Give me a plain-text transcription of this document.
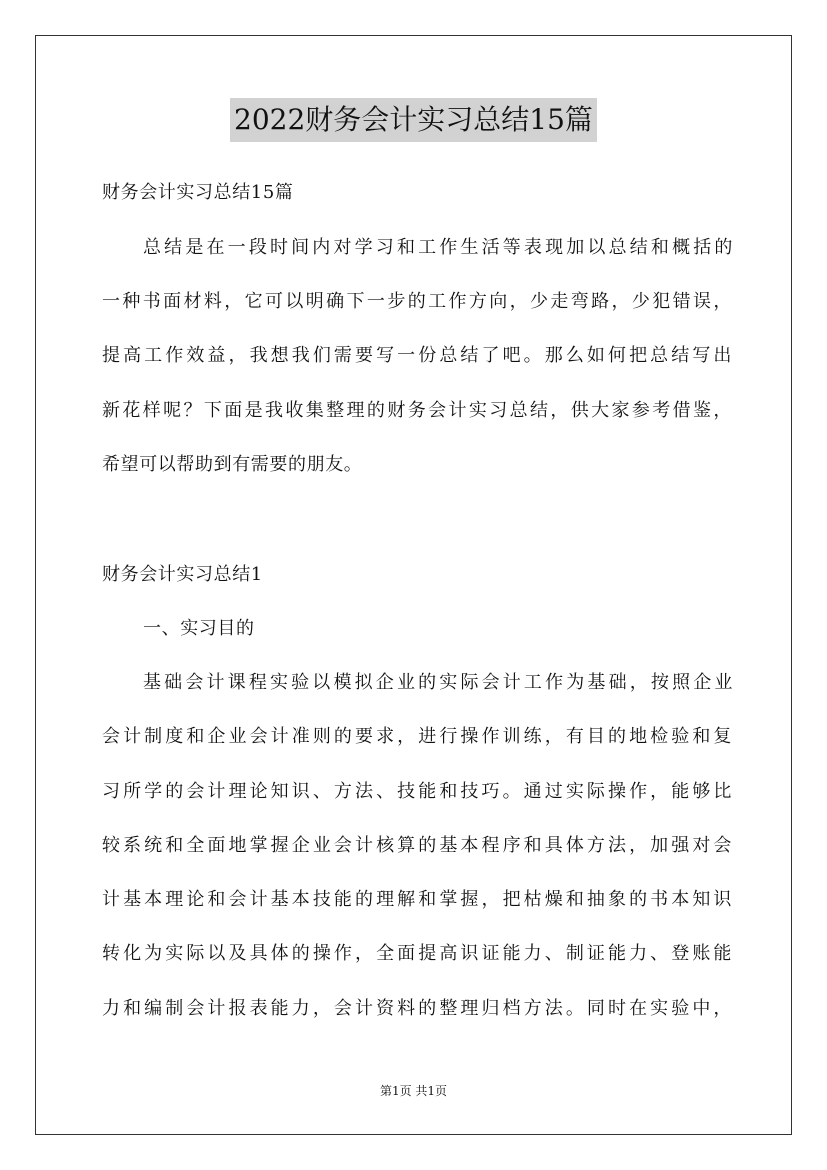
2022财务会计实习总结15篇
财务会计实习总结15篇
总结是在一段时间内对学习和工作生活等表现加以总结和概括的
一种书面材料，它可以明确下一步的工作方向，少走弯路，少犯错误，
提高工作效益，我想我们需要写一份总结了吧。那么如何把总结写出
新花样呢？下面是我收集整理的财务会计实习总结，供大家参考借鉴，
希望可以帮助到有需要的朋友。
财务会计实习总结1
一、实习目的
基础会计课程实验以模拟企业的实际会计工作为基础，按照企业
会计制度和企业会计准则的要求，进行操作训练，有目的地检验和复
习所学的会计理论知识、方法、技能和技巧。通过实际操作，能够比
较系统和全面地掌握企业会计核算的基本程序和具体方法，加强对会
计基本理论和会计基本技能的理解和掌握，把枯燥和抽象的书本知识
转化为实际以及具体的操作，全面提高识证能力、制证能力、登账能
力和编制会计报表能力，会计资料的整理归档方法。同时在实验中，
第1页 共1页
